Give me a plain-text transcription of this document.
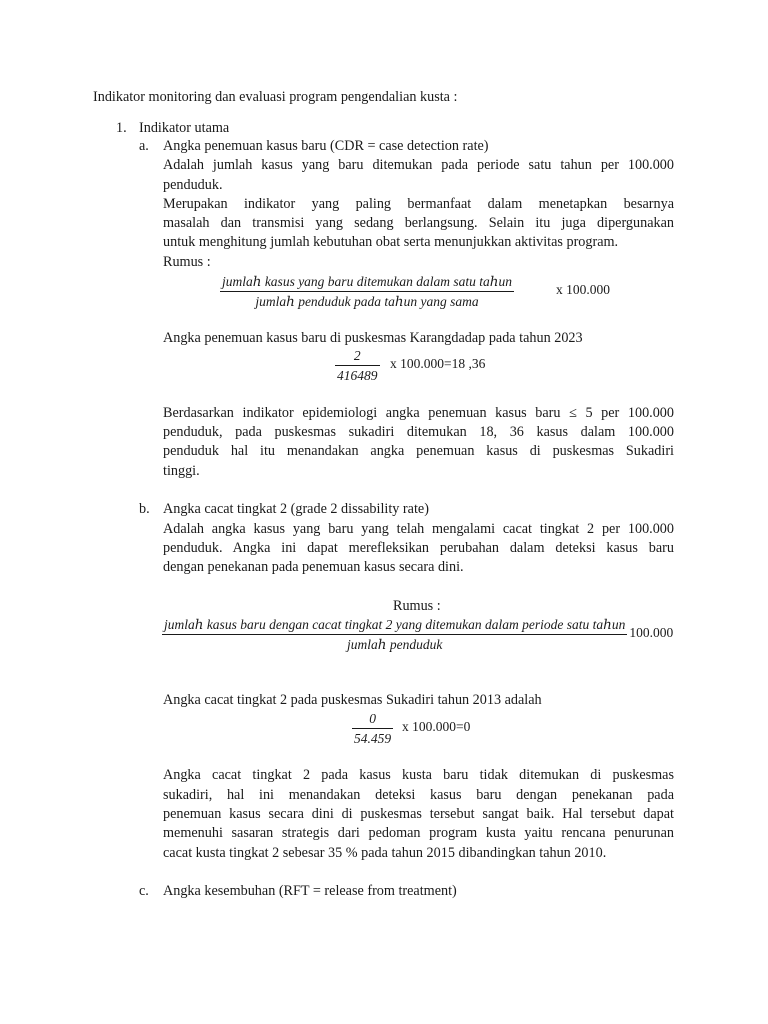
Indikator monitoring dan evaluasi program pengendalian kusta :
1. Indikator utama
a. Angka penemuan kasus baru (CDR = case detection rate)
Adalah jumlah kasus yang baru ditemukan pada periode satu tahun per 100.000
penduduk.
Merupakan indikator yang paling bermanfaat dalam menetapkan besarnya
masalah dan transmisi yang sedang berlangsung. Selain itu juga dipergunakan
untuk menghitung jumlah kebutuhan obat serta menunjukkan aktivitas program.
Rumus :
jumlaℎ kasus yang baru ditemukan dalam satu taℎun
jumlaℎ penduduk pada taℎun yang sama
x 100.000
Angka penemuan kasus baru di puskesmas Karangdadap pada tahun 2023
2
416489
x 100.000=18 ,36
Berdasarkan indikator epidemiologi angka penemuan kasus baru ≤ 5 per 100.000
penduduk, pada puskesmas sukadiri ditemukan 18, 36 kasus dalam 100.000
penduduk hal itu menandakan angka penemuan kasus di puskesmas Sukadiri
tinggi.
b. Angka cacat tingkat 2 (grade 2 dissability rate)
Adalah angka kasus yang baru yang telah mengalami cacat tingkat 2 per 100.000
penduduk. Angka ini dapat merefleksikan perubahan dalam deteksi kasus baru
dengan penekanan pada penemuan kasus secara dini.
Rumus :
jumlaℎ kasus baru dengan cacat tingkat 2 yang ditemukan dalam periode satu taℎun
jumlaℎ penduduk
100.000
Angka cacat tingkat 2 pada puskesmas Sukadiri tahun 2013 adalah
0
54.459
x 100.000=0
Angka cacat tingkat 2 pada kasus kusta baru tidak ditemukan di puskesmas
sukadiri, hal ini menandakan deteksi kasus baru dengan penekanan pada
penemuan kasus secara dini di puskesmas tersebut sangat baik. Hal tersebut dapat
memenuhi sasaran strategis dari pedoman program kusta yaitu rencana penurunan
cacat kusta tingkat 2 sebesar 35 % pada tahun 2015 dibandingkan tahun 2010.
c. Angka kesembuhan (RFT = release from treatment)
